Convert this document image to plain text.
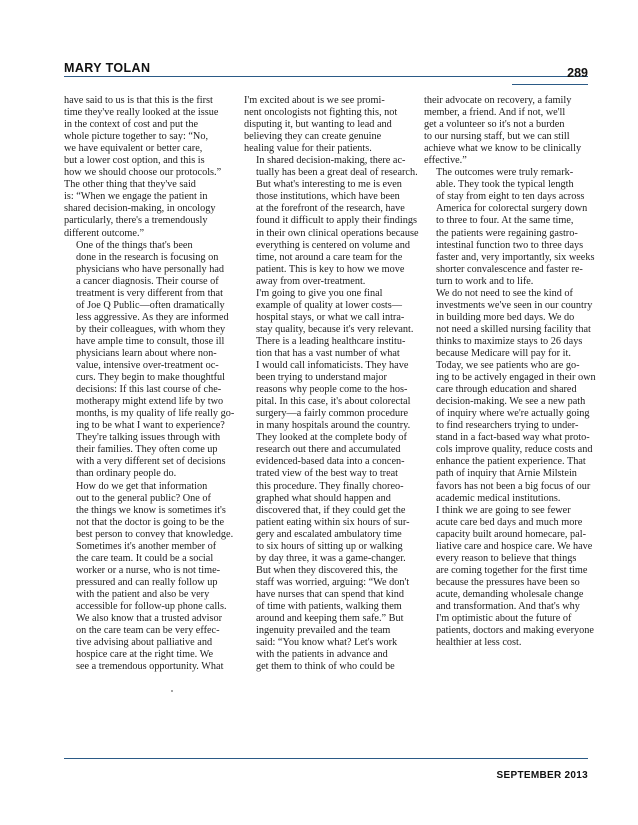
MARY TOLAN	289

have said to us is that this is the first
time they've really looked at the issue
in the context of cost and put the
whole picture together to say: “No,
we have equivalent or better care,
but a lower cost option, and this is
how we should choose our protocols.”
The other thing that they've said
is: “When we engage the patient in
shared decision-making, in oncology
particularly, there's a tremendously
different outcome.”

One of the things that's been
done in the research is focusing on
physicians who have personally had
a cancer diagnosis. Their course of
treatment is very different from that
of Joe Q Public—often dramatically
less aggressive. As they are informed
by their colleagues, with whom they
have ample time to consult, those ill
physicians learn about where non-
value, intensive over-treatment oc-
curs. They begin to make thoughtful
decisions: If this last course of che-
motherapy might extend life by two
months, is my quality of life really go-
ing to be what I want to experience?
They're talking issues through with
their families. They often come up
with a very different set of decisions
than ordinary people do.

How do we get that information
out to the general public? One of
the things we know is sometimes it's
not that the doctor is going to be the
best person to convey that knowledge.
Sometimes it's another member of
the care team. It could be a social
worker or a nurse, who is not time-
pressured and can really follow up
with the patient and also be very
accessible for follow-up phone calls.
We also know that a trusted advisor
on the care team can be very effec-
tive advising about palliative and
hospice care at the right time. We
see a tremendous opportunity. What

I'm excited about is we see promi-
nent oncologists not fighting this, not
disputing it, but wanting to lead and
believing they can create genuine
healing value for their patients.

In shared decision-making, there ac-
tually has been a great deal of research.
But what's interesting to me is even
those institutions, which have been
at the forefront of the research, have
found it difficult to apply their findings
in their own clinical operations because
everything is centered on volume and
time, not around a care team for the
patient. This is key to how we move
away from over-treatment.

I'm going to give you one final
example of quality at lower costs—
hospital stays, or what we call intra-
stay quality, because it's very relevant.
There is a leading healthcare institu-
tion that has a vast number of what
I would call infomaticists. They have
been trying to understand major
reasons why people come to the hos-
pital. In this case, it's about colorectal
surgery—a fairly common procedure
in many hospitals around the country.
They looked at the complete body of
research out there and accumulated
evidenced-based data into a concen-
trated view of the best way to treat
this procedure. They finally choreo-
graphed what should happen and
discovered that, if they could get the
patient eating within six hours of sur-
gery and escalated ambulatory time
to six hours of sitting up or walking
by day three, it was a game-changer.

But when they discovered this, the
staff was worried, arguing: “We don't
have nurses that can spend that kind
of time with patients, walking them
around and keeping them safe.” But
ingenuity prevailed and the team
said: “You know what? Let's work
with the patients in advance and
get them to think of who could be

their advocate on recovery, a family
member, a friend. And if not, we'll
get a volunteer so it's not a burden
to our nursing staff, but we can still
achieve what we know to be clinically
effective.”

The outcomes were truly remark-
able. They took the typical length
of stay from eight to ten days across
America for colorectal surgery down
to three to four. At the same time,
the patients were regaining gastro-
intestinal function two to three days
faster and, very importantly, six weeks
shorter convalescence and faster re-
turn to work and to life.

We do not need to see the kind of
investments we've seen in our country
in building more bed days. We do
not need a skilled nursing facility that
thinks to maximize stays to 26 days
because Medicare will pay for it.

Today, we see patients who are go-
ing to be actively engaged in their own
care through education and shared
decision-making. We see a new path
of inquiry where we're actually going
to find researchers trying to under-
stand in a fact-based way what proto-
cols improve quality, reduce costs and
enhance the patient experience. That
path of inquiry that Arnie Milstein
favors has not been a big focus of our
academic medical institutions.

I think we are going to see fewer
acute care bed days and much more
capacity built around homecare, pal-
liative care and hospice care. We have
every reason to believe that things
are coming together for the first time
because the pressures have been so
acute, demanding wholesale change
and transformation. And that's why
I'm optimistic about the future of
patients, doctors and making everyone
healthier at less cost.

SEPTEMBER 2013
